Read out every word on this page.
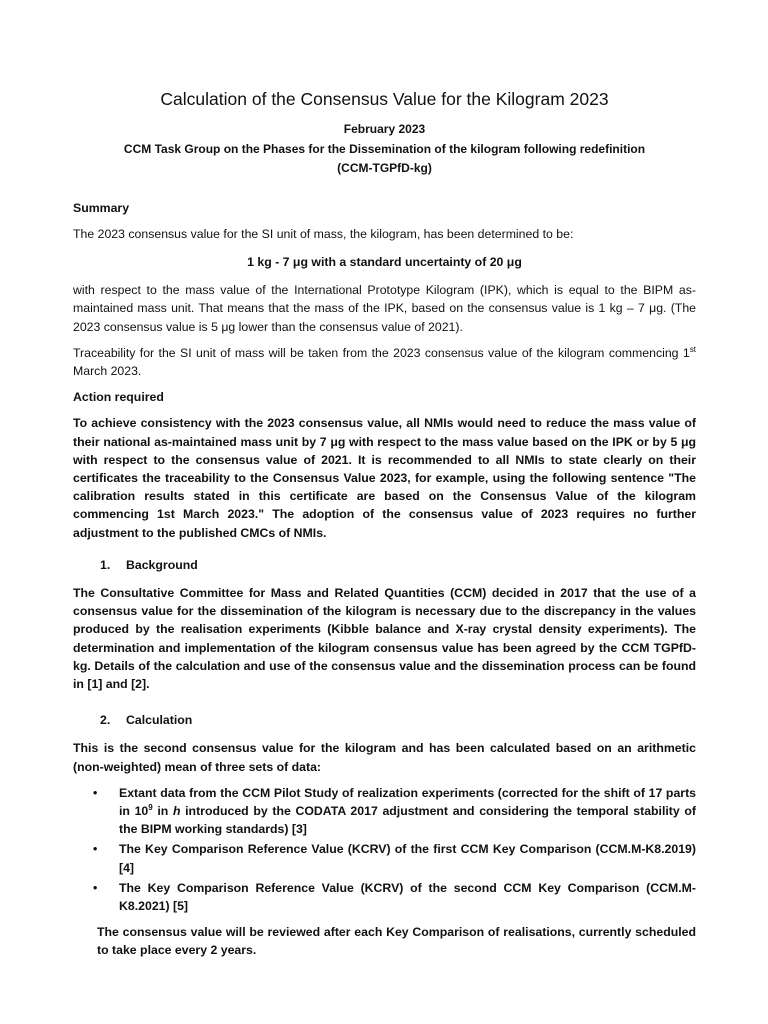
Calculation of the Consensus Value for the Kilogram 2023
February 2023
CCM Task Group on the Phases for the Dissemination of the kilogram following redefinition
(CCM-TGPfD-kg)
Summary

The 2023 consensus value for the SI unit of mass, the kilogram, has been determined to be:

1 kg - 7 μg with a standard uncertainty of 20 μg

with respect to the mass value of the International Prototype Kilogram (IPK), which is equal to the BIPM as-maintained mass unit. That means that the mass of the IPK, based on the consensus value is 1 kg – 7 μg. (The 2023 consensus value is 5 μg lower than the consensus value of 2021).

Traceability for the SI unit of mass will be taken from the 2023 consensus value of the kilogram commencing 1st March 2023.

Action required

To achieve consistency with the 2023 consensus value, all NMIs would need to reduce the mass value of their national as-maintained mass unit by 7 μg with respect to the mass value based on the IPK or by 5 μg with respect to the consensus value of 2021. It is recommended to all NMIs to state clearly on their certificates the traceability to the Consensus Value 2023, for example, using the following sentence "The calibration results stated in this certificate are based on the Consensus Value of the kilogram commencing 1st March 2023." The adoption of the consensus value of 2023 requires no further adjustment to the published CMCs of NMIs.

1.	Background

The Consultative Committee for Mass and Related Quantities (CCM) decided in 2017 that the use of a consensus value for the dissemination of the kilogram is necessary due to the discrepancy in the values produced by the realisation experiments (Kibble balance and X-ray crystal density experiments). The determination and implementation of the kilogram consensus value has been agreed by the CCM TGPfD-kg. Details of the calculation and use of the consensus value and the dissemination process can be found in [1] and [2].

2.	Calculation

This is the second consensus value for the kilogram and has been calculated based on an arithmetic (non-weighted) mean of three sets of data:

• Extant data from the CCM Pilot Study of realization experiments (corrected for the shift of 17 parts in $10^9$ in h introduced by the CODATA 2017 adjustment and considering the temporal stability of the BIPM working standards) [3]
• The Key Comparison Reference Value (KCRV) of the first CCM Key Comparison (CCM.M-K8.2019) [4]
• The Key Comparison Reference Value (KCRV) of the second CCM Key Comparison (CCM.M-K8.2021) [5]

The consensus value will be reviewed after each Key Comparison of realisations, currently scheduled to take place every 2 years.
